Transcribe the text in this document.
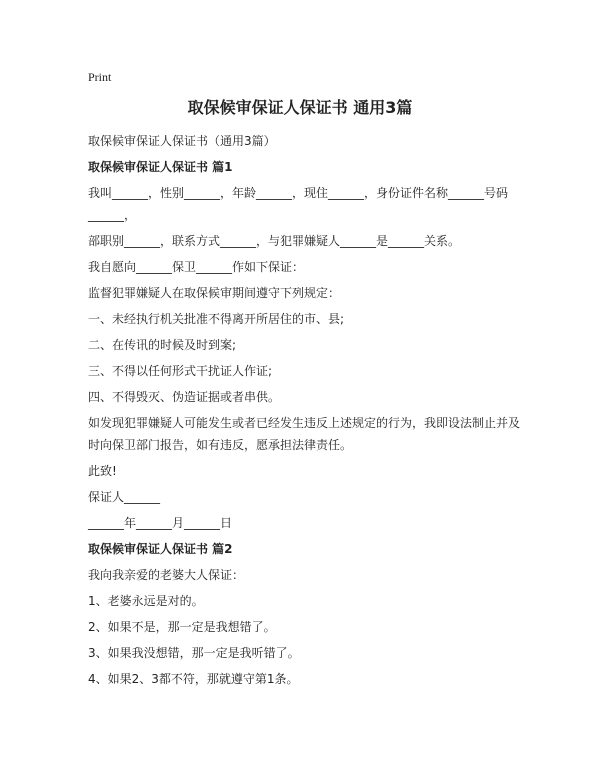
Print
取保候审保证人保证书 通用3篇

取保候审保证人保证书（通用3篇）

取保候审保证人保证书 篇1

我叫______，性别______，年龄______，现住______，身份证件名称______号码

______，

部职别______，联系方式______，与犯罪嫌疑人______是______关系。

我自愿向______保卫______作如下保证：

监督犯罪嫌疑人在取保候审期间遵守下列规定：

一、未经执行机关批准不得离开所居住的市、县;

二、在传讯的时候及时到案;

三、不得以任何形式干扰证人作证;

四、不得毁灭、伪造证据或者串供。

如发现犯罪嫌疑人可能发生或者已经发生违反上述规定的行为，我即设法制止并及时向保卫部门报告，如有违反，愿承担法律责任。

此致!

保证人______

______年______月______日

取保候审保证人保证书 篇2

我向我亲爱的老婆大人保证：

1、老婆永远是对的。

2、如果不是，那一定是我想错了。

3、如果我没想错，那一定是我听错了。

4、如果2、3都不符，那就遵守第1条。
